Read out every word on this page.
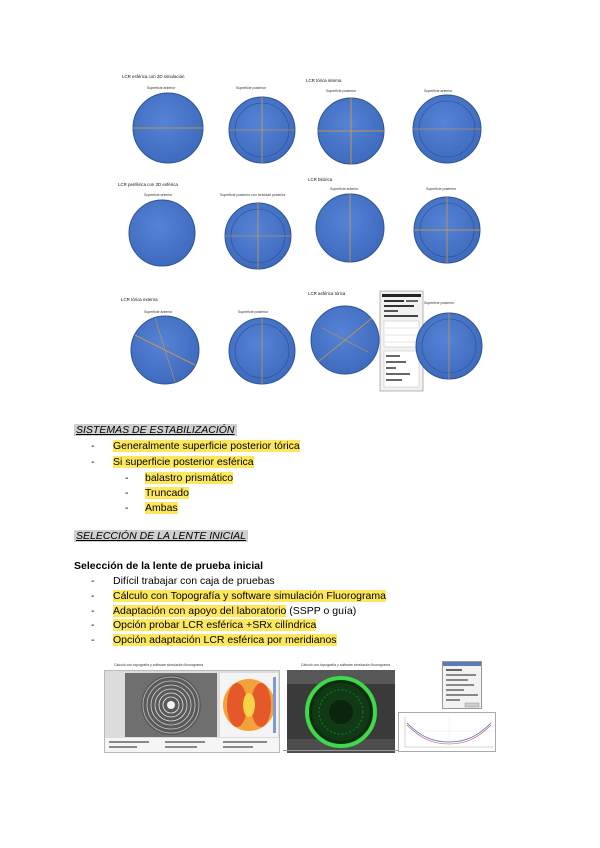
LCR esférica con 2D simulación
Superficie anterior	Superficie posterior
LCR tórica interna
Superficie posterior	Superficie anterior
LCR periférica con 2D esférica
Superficie anterior	Superficie posterior con toricidad posterior
LCR bitórica
Superficie anterior	Superficie posterior
LCR tórica externa
Superficie anterior	Superficie posterior
LCR asférica tórica
Superficie posterior
SISTEMAS DE ESTABILIZACIÓN
- Generalmente superficie posterior tórica
- Si superficie posterior esférica
- balastro prismático
- Truncado
- Ambas
SELECCIÓN DE LA LENTE INICIAL
Selección de la lente de prueba inicial
- Difícil trabajar con caja de pruebas
- Cálculo con Topografía y software simulación Fluorograma
- Adaptación con apoyo del laboratorio (SSPP o guía)
- Opción probar LCR esférica +SRx cilíndrica
- Opción adaptación LCR esférica por meridianos
Cálculo con topografía y software simulación fluorograma	Cálculo con topografía y software simulación fluorograma
